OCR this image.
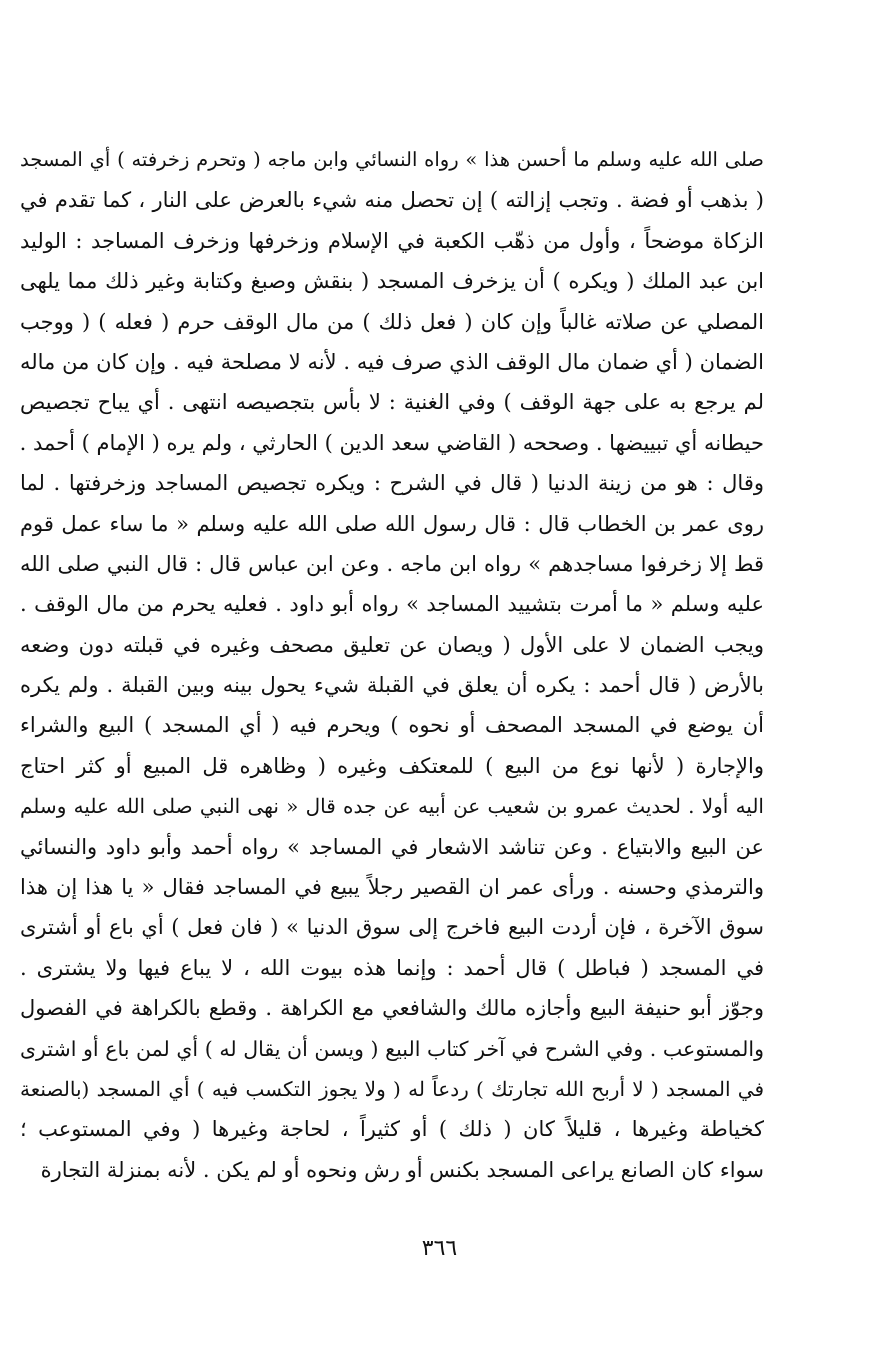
صلى الله عليه وسلم ما أحسن هذا » رواه النسائي وابن ماجه ( وتحرم زخرفته ) أي المسجد
( بذهب أو فضة . وتجب إزالته ) إن تحصل منه شيء بالعرض على النار ، كما تقدم في
الزكاة موضحاً ، وأول من ذهّب الكعبة في الإسلام وزخرفها وزخرف المساجد : الوليد
ابن عبد الملك ( ويكره ) أن يزخرف المسجد ( بنقش وصبغ وكتابة وغير ذلك مما يلهى
المصلي عن صلاته غالباً وإن كان ( فعل ذلك ) من مال الوقف حرم ( فعله ) ( ووجب
الضمان ( أي ضمان مال الوقف الذي صرف فيه . لأنه لا مصلحة فيه . وإن كان من ماله
لم يرجع به على جهة الوقف ) وفي الغنية : لا بأس بتجصيصه انتهى . أي يباح تجصيص
حيطانه أي تبييضها . وصححه ( القاضي سعد الدين ) الحارثي ، ولم يره ( الإمام ) أحمد .
وقال : هو من زينة الدنيا ( قال في الشرح : ويكره تجصيص المساجد وزخرفتها . لما
روى عمر بن الخطاب قال : قال رسول الله صلى الله عليه وسلم « ما ساء عمل قوم
قط إلا زخرفوا مساجدهم » رواه ابن ماجه . وعن ابن عباس قال : قال النبي صلى الله
عليه وسلم « ما أمرت بتشييد المساجد » رواه أبو داود . فعليه يحرم من مال الوقف .
ويجب الضمان لا على الأول ( ويصان عن تعليق مصحف وغيره في قبلته دون وضعه
بالأرض ( قال أحمد : يكره أن يعلق في القبلة شيء يحول بينه وبين القبلة . ولم يكره
أن يوضع في المسجد المصحف أو نحوه ) ويحرم فيه ( أي المسجد ) البيع والشراء
والإجارة ( لأنها نوع من البيع ) للمعتكف وغيره ( وظاهره قل المبيع أو كثر احتاج
اليه أولا . لحديث عمرو بن شعيب عن أبيه عن جده قال « نهى النبي صلى الله عليه وسلم
عن البيع والابتياع . وعن تناشد الاشعار في المساجد » رواه أحمد وأبو داود والنسائي
والترمذي وحسنه . ورأى عمر ان القصير رجلاً يبيع في المساجد فقال « يا هذا إن هذا
سوق الآخرة ، فإن أردت البيع فاخرج إلى سوق الدنيا » ( فان فعل ) أي باع أو أشترى
في المسجد ( فباطل ) قال أحمد : وإنما هذه بيوت الله ، لا يباع فيها ولا يشترى .
وجوّز أبو حنيفة البيع وأجازه مالك والشافعي مع الكراهة . وقطع بالكراهة في الفصول
والمستوعب . وفي الشرح في آخر كتاب البيع ( ويسن أن يقال له ) أي لمن باع أو اشترى
في المسجد ( لا أربح الله تجارتك ) ردعاً له ( ولا يجوز التكسب فيه ) أي المسجد (بالصنعة
كخياطة وغيرها ، قليلاً كان ( ذلك ) أو كثيراً ، لحاجة وغيرها ( وفي المستوعب ؛
سواء كان الصانع يراعى المسجد بكنس أو رش ونحوه أو لم يكن . لأنه بمنزلة التجارة
٣٦٦
